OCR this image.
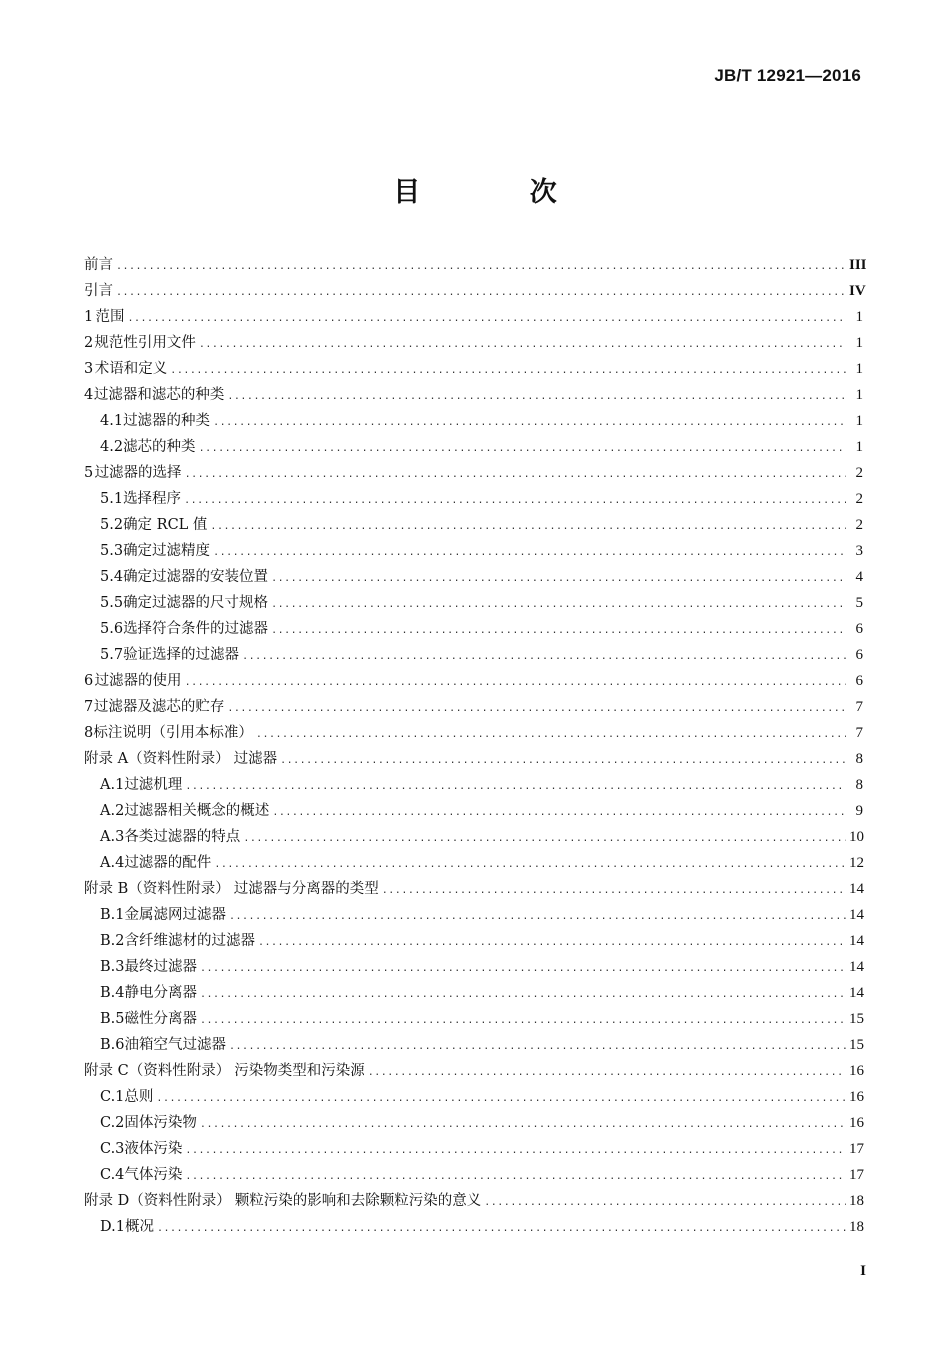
JB/T 12921—2016
目 次
前言 .....	III
引言 .....	IV
1 范围 .....	1
2 规范性引用文件 .....	1
3 术语和定义 .....	1
4 过滤器和滤芯的种类 .....	1
4.1 过滤器的种类 .....	1
4.2 滤芯的种类 .....	1
5 过滤器的选择 .....	2
5.1 选择程序 .....	2
5.2 确定 RCL 值 .....	2
5.3 确定过滤精度 .....	3
5.4 确定过滤器的安装位置 .....	4
5.5 确定过滤器的尺寸规格 .....	5
5.6 选择符合条件的过滤器 .....	6
5.7 验证选择的过滤器 .....	6
6 过滤器的使用 .....	6
7 过滤器及滤芯的贮存 .....	7
8 标注说明（引用本标准） .....	7
附录 A（资料性附录） 过滤器 .....	8
A.1 过滤机理 .....	8
A.2 过滤器相关概念的概述 .....	9
A.3 各类过滤器的特点 .....	10
A.4 过滤器的配件 .....	12
附录 B（资料性附录） 过滤器与分离器的类型 .....	14
B.1 金属滤网过滤器 .....	14
B.2 含纤维滤材的过滤器 .....	14
B.3 最终过滤器 .....	14
B.4 静电分离器 .....	14
B.5 磁性分离器 .....	15
B.6 油箱空气过滤器 .....	15
附录 C（资料性附录） 污染物类型和污染源 .....	16
C.1 总则 .....	16
C.2 固体污染物 .....	16
C.3 液体污染 .....	17
C.4 气体污染 .....	17
附录 D（资料性附录） 颗粒污染的影响和去除颗粒污染的意义 .....	18
D.1 概况 .....	18
I
